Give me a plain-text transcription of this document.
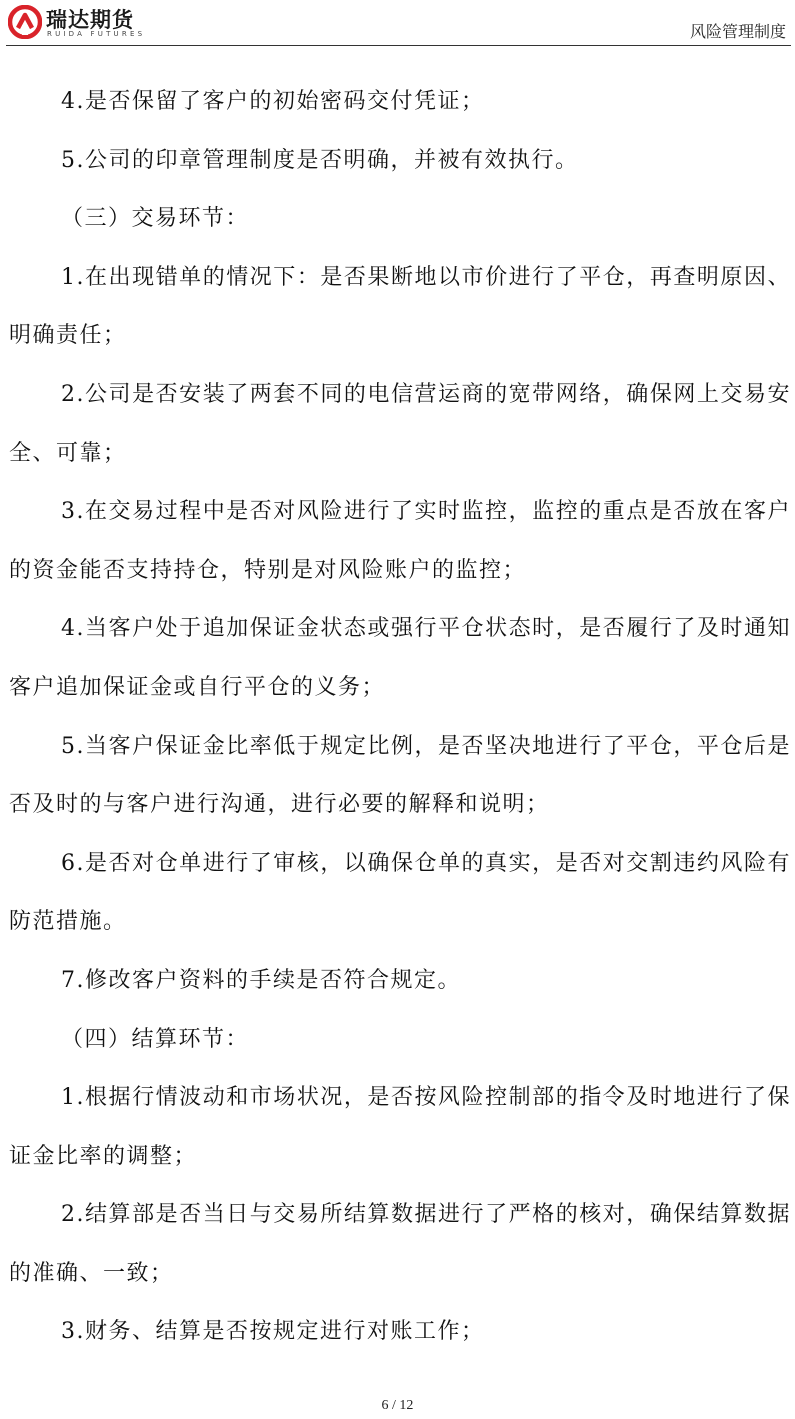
瑞达期货
RUIDA FUTURES	风险管理制度

4.是否保留了客户的初始密码交付凭证；

5.公司的印章管理制度是否明确，并被有效执行。

（三）交易环节：

1.在出现错单的情况下：是否果断地以市价进行了平仓，再查明原因、明确责任；

2.公司是否安装了两套不同的电信营运商的宽带网络，确保网上交易安全、可靠；

3.在交易过程中是否对风险进行了实时监控，监控的重点是否放在客户的资金能否支持持仓，特别是对风险账户的监控；

4.当客户处于追加保证金状态或强行平仓状态时，是否履行了及时通知客户追加保证金或自行平仓的义务；

5.当客户保证金比率低于规定比例，是否坚决地进行了平仓，平仓后是否及时的与客户进行沟通，进行必要的解释和说明；

6.是否对仓单进行了审核，以确保仓单的真实，是否对交割违约风险有防范措施。

7.修改客户资料的手续是否符合规定。

（四）结算环节：

1.根据行情波动和市场状况，是否按风险控制部的指令及时地进行了保证金比率的调整；

2.结算部是否当日与交易所结算数据进行了严格的核对，确保结算数据的准确、一致；

3.财务、结算是否按规定进行对账工作；

6 / 12
